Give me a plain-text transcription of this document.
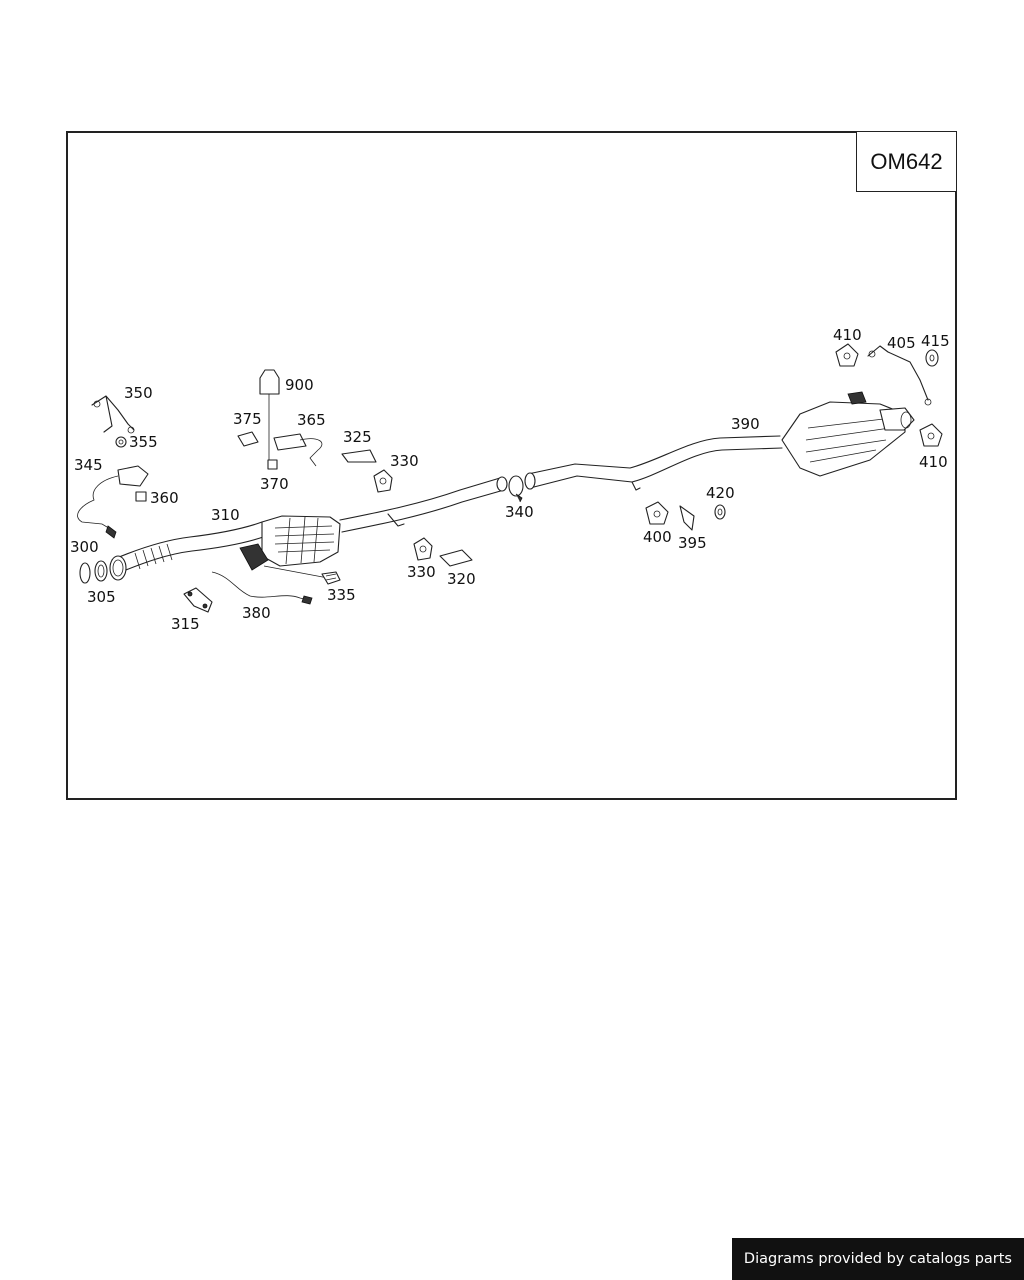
300
305
310
315
320
325
330
330
335
340
345
350
355
360
365
370
375
380
390
395
400
405
410
410
415
420
900
OM642
Diagrams provided by catalogs parts
